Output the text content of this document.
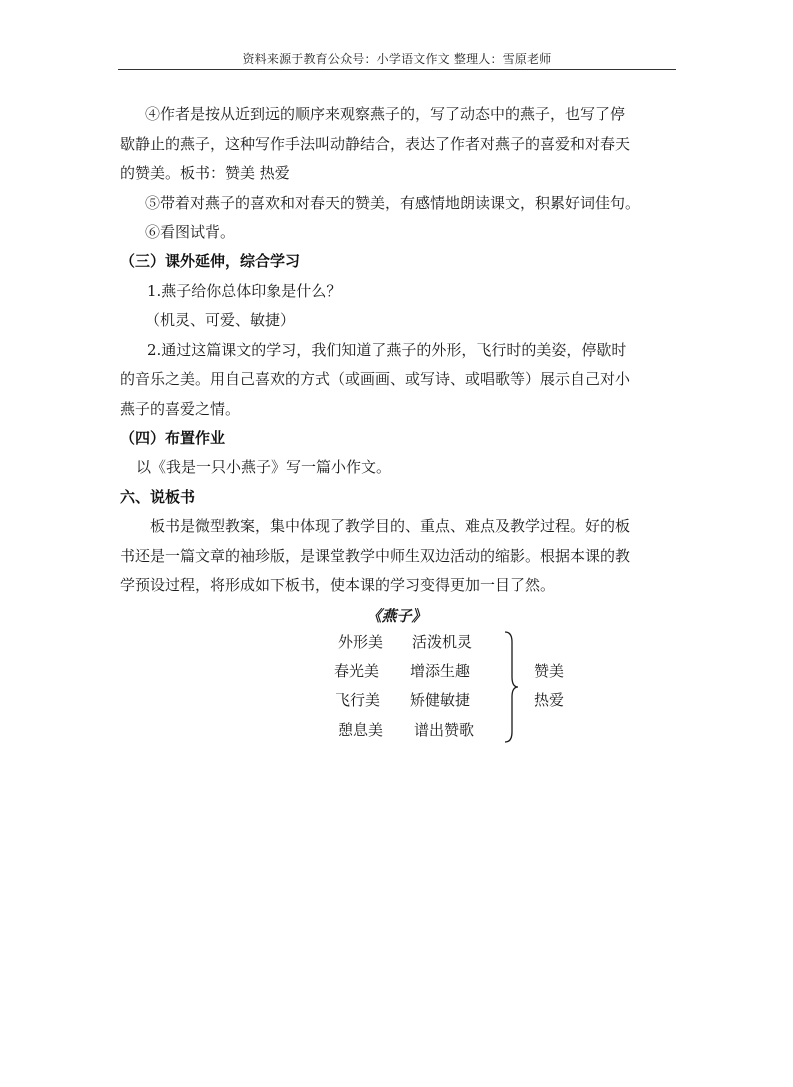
资料来源于教育公众号：小学语文作文 整理人：雪原老师
④作者是按从近到远的顺序来观察燕子的，写了动态中的燕子，也写了停
歇静止的燕子，这种写作手法叫动静结合，表达了作者对燕子的喜爱和对春天
的赞美。板书：赞美 热爱
⑤带着对燕子的喜欢和对春天的赞美，有感情地朗读课文，积累好词佳句。
⑥看图试背。
（三）课外延伸，综合学习
1.燕子给你总体印象是什么？
（机灵、可爱、敏捷）
2.通过这篇课文的学习，我们知道了燕子的外形，飞行时的美姿，停歇时
的音乐之美。用自己喜欢的方式（或画画、或写诗、或唱歌等）展示自己对小
燕子的喜爱之情。
（四）布置作业
以《我是一只小燕子》写一篇小作文。
六、说板书
板书是微型教案，集中体现了教学目的、重点、难点及教学过程。好的板
书还是一篇文章的袖珍版，是课堂教学中师生双边活动的缩影。根据本课的教
学预设过程，将形成如下板书，使本课的学习变得更加一目了然。
《燕子》
外形美 活泼机灵
春光美 增添生趣
飞行美 矫健敏捷
憩息美 谱出赞歌
赞美
热爱
